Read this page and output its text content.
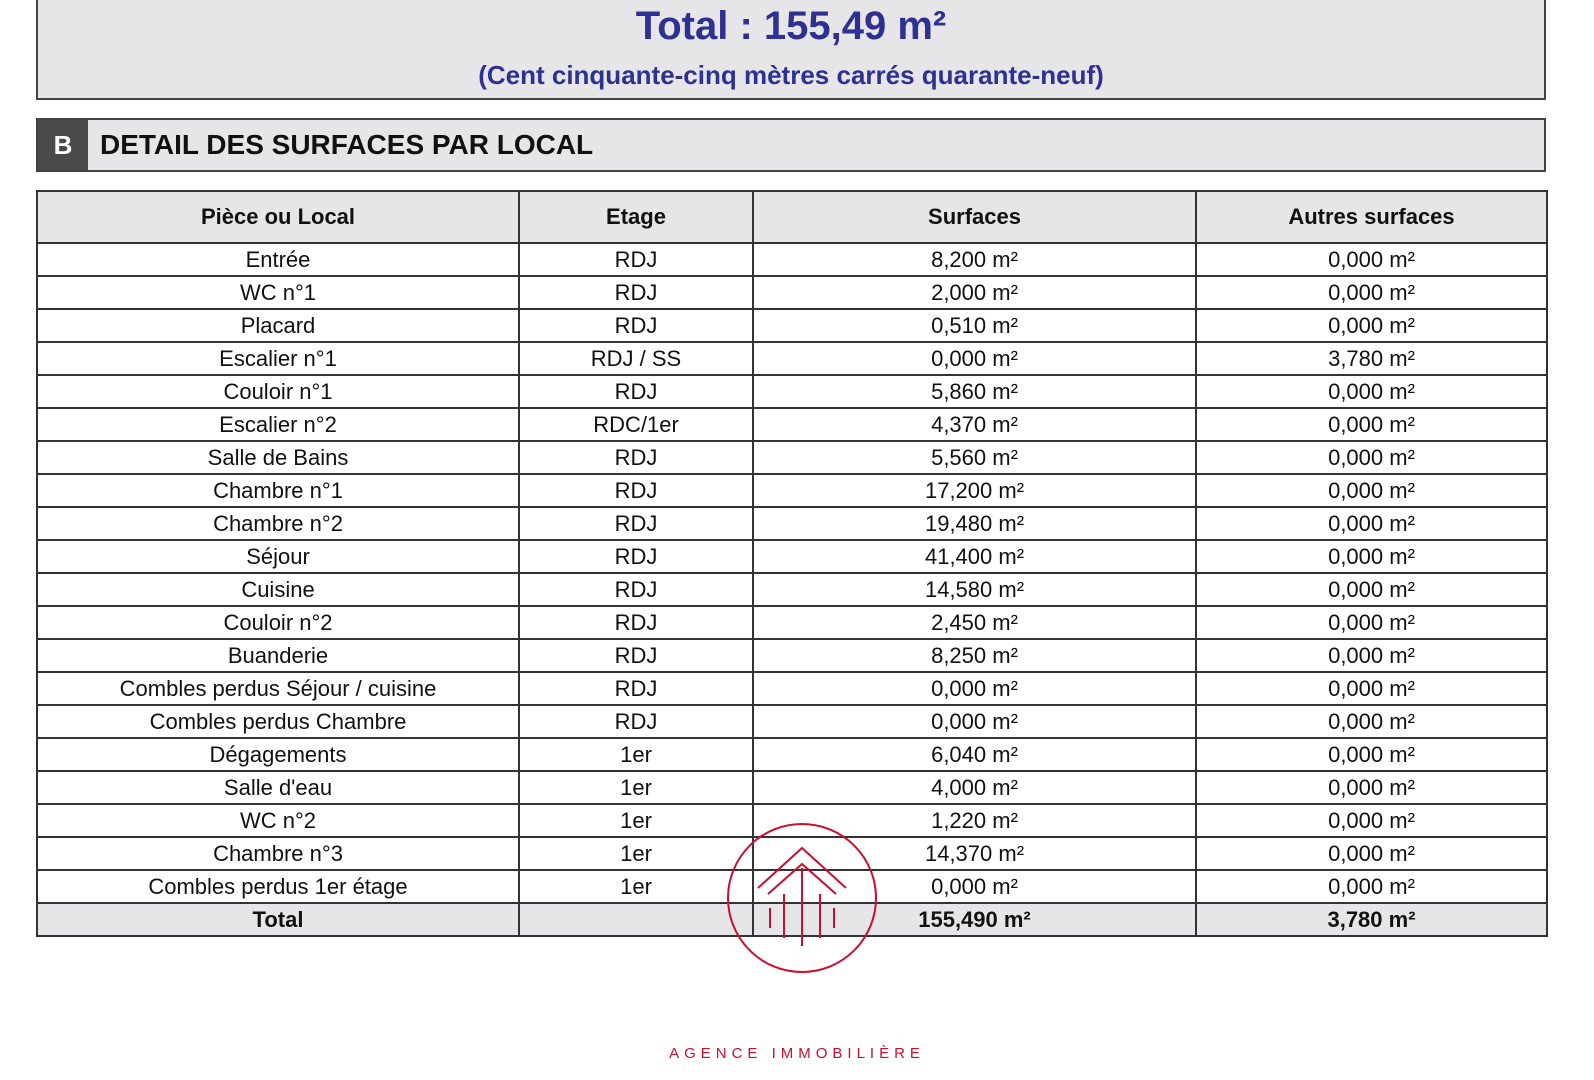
Total : 155,49 m²
(Cent cinquante-cinq mètres carrés quarante-neuf)
B DETAIL DES SURFACES PAR LOCAL
Pièce ou Local	Etage	Surfaces	Autres surfaces
Entrée	RDJ	8,200 m²	0,000 m²
WC n°1	RDJ	2,000 m²	0,000 m²
Placard	RDJ	0,510 m²	0,000 m²
Escalier n°1	RDJ / SS	0,000 m²	3,780 m²
Couloir n°1	RDJ	5,860 m²	0,000 m²
Escalier n°2	RDC/1er	4,370 m²	0,000 m²
Salle de Bains	RDJ	5,560 m²	0,000 m²
Chambre n°1	RDJ	17,200 m²	0,000 m²
Chambre n°2	RDJ	19,480 m²	0,000 m²
Séjour	RDJ	41,400 m²	0,000 m²
Cuisine	RDJ	14,580 m²	0,000 m²
Couloir n°2	RDJ	2,450 m²	0,000 m²
Buanderie	RDJ	8,250 m²	0,000 m²
Combles perdus Séjour / cuisine	RDJ	0,000 m²	0,000 m²
Combles perdus Chambre	RDJ	0,000 m²	0,000 m²
Dégagements	1er	6,040 m²	0,000 m²
Salle d'eau	1er	4,000 m²	0,000 m²
WC n°2	1er	1,220 m²	0,000 m²
Chambre n°3	1er	14,370 m²	0,000 m²
Combles perdus 1er étage	1er	0,000 m²	0,000 m²
Total		155,490 m²	3,780 m²
AGENCE IMMOBILIÈRE
